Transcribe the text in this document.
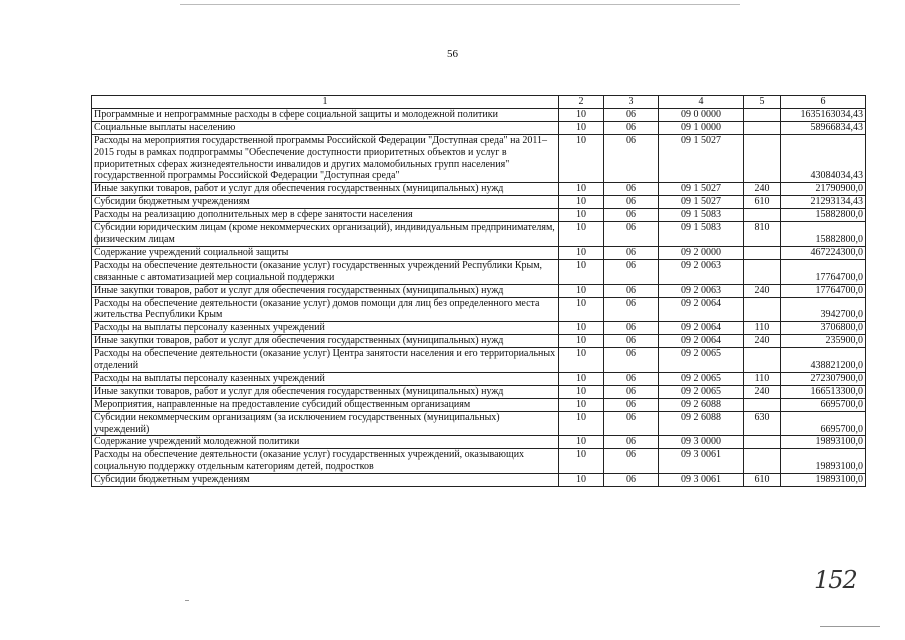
56
1	2	3	4	5	6
Программные и непрограммные расходы в сфере социальной защиты и молодежной политики	10	06	09 0 0000		1635163034,43
Социальные выплаты населению	10	06	09 1 0000		58966834,43
Расходы на мероприятия государственной программы Российской Федерации "Доступная среда" на 2011–2015 годы в рамках подпрограммы "Обеспечение доступности приоритетных объектов и услуг в приоритетных сферах жизнедеятельности инвалидов и других маломобильных групп населения" государственной программы Российской Федерации "Доступная среда"	10	06	09 1 5027		43084034,43
Иные закупки товаров, работ и услуг для обеспечения государственных (муниципальных) нужд	10	06	09 1 5027	240	21790900,0
Субсидии бюджетным учреждениям	10	06	09 1 5027	610	21293134,43
Расходы на реализацию дополнительных мер в сфере занятости населения	10	06	09 1 5083		15882800,0
Субсидии юридическим лицам (кроме некоммерческих организаций), индивидуальным предпринимателям, физическим лицам	10	06	09 1 5083	810	15882800,0
Содержание учреждений социальной защиты	10	06	09 2 0000		467224300,0
Расходы на обеспечение деятельности (оказание услуг) государственных учреждений Республики Крым, связанные с автоматизацией мер социальной поддержки	10	06	09 2 0063		17764700,0
Иные закупки товаров, работ и услуг для обеспечения государственных (муниципальных) нужд	10	06	09 2 0063	240	17764700,0
Расходы на обеспечение деятельности (оказание услуг) домов помощи для лиц без определенного места жительства Республики Крым	10	06	09 2 0064		3942700,0
Расходы на выплаты персоналу казенных учреждений	10	06	09 2 0064	110	3706800,0
Иные закупки товаров, работ и услуг для обеспечения государственных (муниципальных) нужд	10	06	09 2 0064	240	235900,0
Расходы на обеспечение деятельности (оказание услуг) Центра занятости населения и его территориальных отделений	10	06	09 2 0065		438821200,0
Расходы на выплаты персоналу казенных учреждений	10	06	09 2 0065	110	272307900,0
Иные закупки товаров, работ и услуг для обеспечения государственных (муниципальных) нужд	10	06	09 2 0065	240	166513300,0
Мероприятия, направленные на предоставление субсидий общественным организациям	10	06	09 2 6088		6695700,0
Субсидии некоммерческим организациям (за исключением государственных (муниципальных) учреждений)	10	06	09 2 6088	630	6695700,0
Содержание учреждений молодежной политики	10	06	09 3 0000		19893100,0
Расходы на обеспечение деятельности (оказание услуг) государственных учреждений, оказывающих социальную поддержку отдельным категориям детей, подростков	10	06	09 3 0061		19893100,0
Субсидии бюджетным учреждениям	10	06	09 3 0061	610	19893100,0
152
